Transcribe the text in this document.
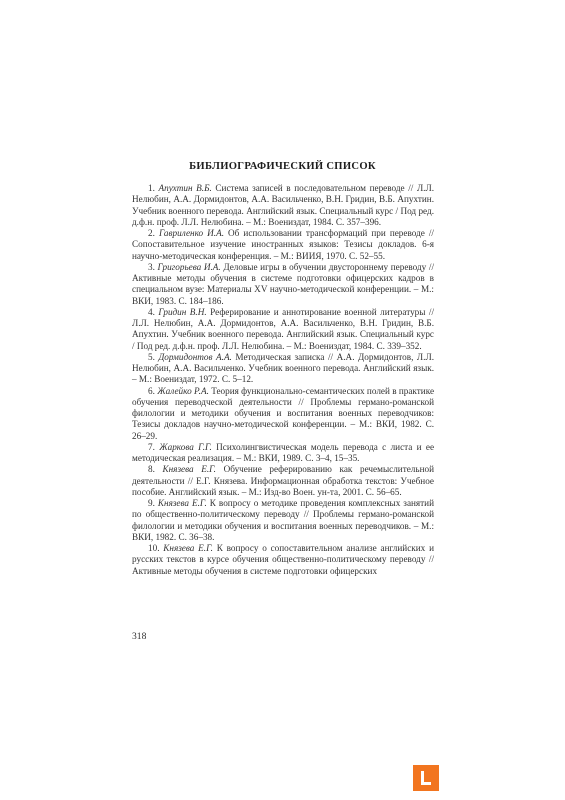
БИБЛИОГРАФИЧЕСКИЙ СПИСОК

1. Апухтин В.Б. Система записей в последовательном переводе // Л.Л. Нелюбин, А.А. Дормидонтов, А.А. Васильченко, В.Н. Гридин, В.Б. Апухтин. Учебник военного перевода. Английский язык. Специальный курс / Под ред. д.ф.н. проф. Л.Л. Нелюбина. – М.: Воениздат, 1984. С. 357–396.

2. Гавриленко И.А. Об использовании трансформаций при переводе // Сопоставительное изучение иностранных языков: Тезисы докладов. 6-я научно-методическая конференция. – М.: ВИИЯ, 1970. С. 52–55.

3. Григорьева И.А. Деловые игры в обучении двустороннему переводу // Активные методы обучения в системе подготовки офицерских кадров в специальном вузе: Материалы XV научно-методической конференции. – М.: ВКИ, 1983. С. 184–186.

4. Гридин В.Н. Реферирование и аннотирование военной литературы // Л.Л. Нелюбин, А.А. Дормидонтов, А.А. Васильченко, В.Н. Гридин, В.Б. Апухтин. Учебник военного перевода. Английский язык. Специальный курс / Под ред. д.ф.н. проф. Л.Л. Нелюбина. – М.: Воениздат, 1984. С. 339–352.

5. Дормидонтов А.А. Методическая записка // А.А. Дормидонтов, Л.Л. Нелюбин, А.А. Васильченко. Учебник военного перевода. Английский язык. – М.: Воениздат, 1972. С. 5–12.

6. Жалейко Р.А. Теория функционально-семантических полей в практике обучения переводческой деятельности // Проблемы германо-романской филологии и методики обучения и воспитания военных переводчиков: Тезисы докладов научно-методической конференции. – М.: ВКИ, 1982. С. 26–29.

7. Жаркова Г.Г. Психолингвистическая модель перевода с листа и ее методическая реализация. – М.: ВКИ, 1989. С. 3–4, 15–35.

8. Князева Е.Г. Обучение реферированию как речемыслительной деятельности // Е.Г. Князева. Информационная обработка текстов: Учебное пособие. Английский язык. – М.: Изд-во Воен. ун-та, 2001. С. 56–65.

9. Князева Е.Г. К вопросу о методике проведения комплексных занятий по общественно-политическому переводу // Проблемы германо-романской филологии и методики обучения и воспитания военных переводчиков. – М.: ВКИ, 1982. С. 36–38.

10. Князева Е.Г. К вопросу о сопоставительном анализе английских и русских текстов в курсе обучения общественно-политическому переводу // Активные методы обучения в системе подготовки офицерских

318
